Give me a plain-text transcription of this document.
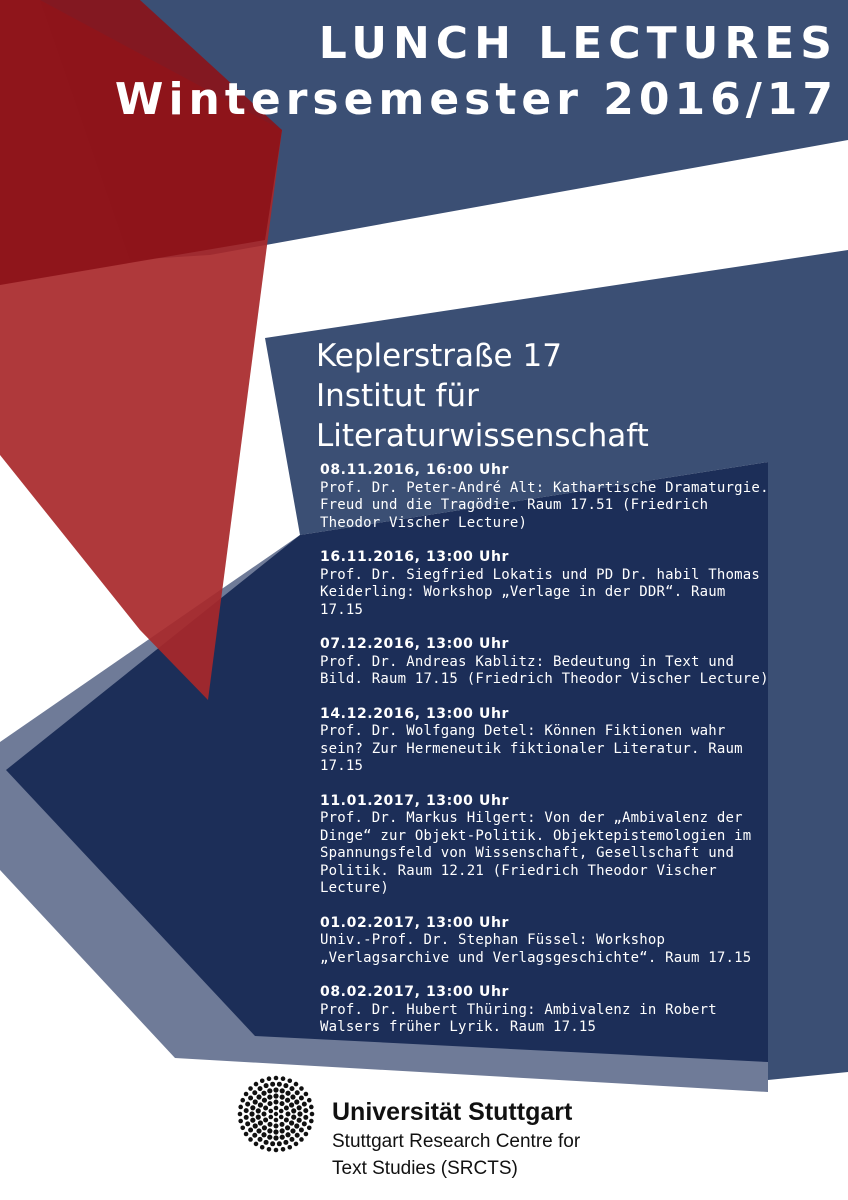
LUNCH LECTURES
Wintersemester 2016/17
Keplerstraße 17
Institut für
Literaturwissenschaft
08.11.2016, 16:00 Uhr
Prof. Dr. Peter-André Alt: Kathartische Dramaturgie. Freud und die Tragödie. Raum 17.51 (Friedrich Theodor Vischer Lecture)
16.11.2016, 13:00 Uhr
Prof. Dr. Siegfried Lokatis und PD Dr. habil Thomas Keiderling: Workshop „Verlage in der DDR“. Raum 17.15
07.12.2016, 13:00 Uhr
Prof. Dr. Andreas Kablitz: Bedeutung in Text und Bild. Raum 17.15 (Friedrich Theodor Vischer Lecture)
14.12.2016, 13:00 Uhr
Prof. Dr. Wolfgang Detel: Können Fiktionen wahr sein? Zur Hermeneutik fiktionaler Literatur. Raum 17.15
11.01.2017, 13:00 Uhr
Prof. Dr. Markus Hilgert: Von der „Ambivalenz der Dinge“ zur Objekt-Politik. Objektepistemologien im Spannungsfeld von Wissenschaft, Gesellschaft und Politik. Raum 12.21 (Friedrich Theodor Vischer Lecture)
01.02.2017, 13:00 Uhr
Univ.-Prof. Dr. Stephan Füssel: Workshop „Verlagsarchive und Verlagsgeschichte“. Raum 17.15
08.02.2017, 13:00 Uhr
Prof. Dr. Hubert Thüring: Ambivalenz in Robert Walsers früher Lyrik. Raum 17.15
Universität Stuttgart
Stuttgart Research Centre for
Text Studies (SRCTS)
